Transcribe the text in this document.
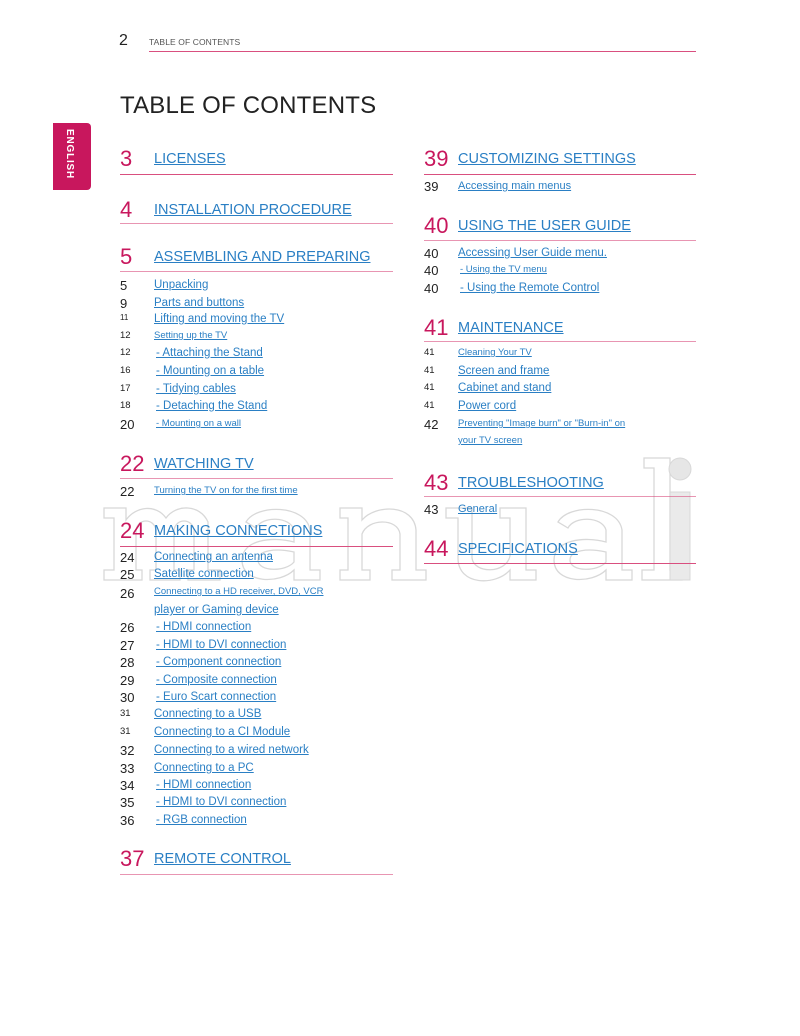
2 TABLE OF CONTENTS
TABLE OF CONTENTS
ENGLISH 3 LICENSES
4 INSTALLATION PROCEDURE
5 ASSEMBLING AND PREPARING
5 Unpacking
9 Parts and buttons
11 Lifting and moving the TV
12 Setting up the TV
12 - Attaching the Stand
16 - Mounting on a table
17 - Tidying cables
18 - Detaching the Stand
20 - Mounting on a wall
22 WATCHING TV
22 Turning the TV on for the first time
24 MAKING CONNECTIONS
24 Connecting an antenna
25 Satellite connection
26 Connecting to a HD receiver, DVD, VCR
player or Gaming device
26 - HDMI connection
27 - HDMI to DVI connection
28 - Component connection
29 - Composite connection
30 - Euro Scart connection
31 Connecting to a USB
31 Connecting to a CI Module
32 Connecting to a wired network
33 Connecting to a PC
34 - HDMI connection
35 - HDMI to DVI connection
36 - RGB connection
37 REMOTE CONTROL
39 CUSTOMIZING SETTINGS
39 Accessing main menus
40 USING THE USER GUIDE
40 Accessing User Guide menu.
40 - Using the TV menu
40 - Using the Remote Control
41 MAINTENANCE
41 Cleaning Your TV
41 Screen and frame
41 Cabinet and stand
41 Power cord
42 Preventing "Image burn" or "Burn-in" on
your TV screen
43 TROUBLESHOOTING
43 General
44 SPECIFICATIONS
